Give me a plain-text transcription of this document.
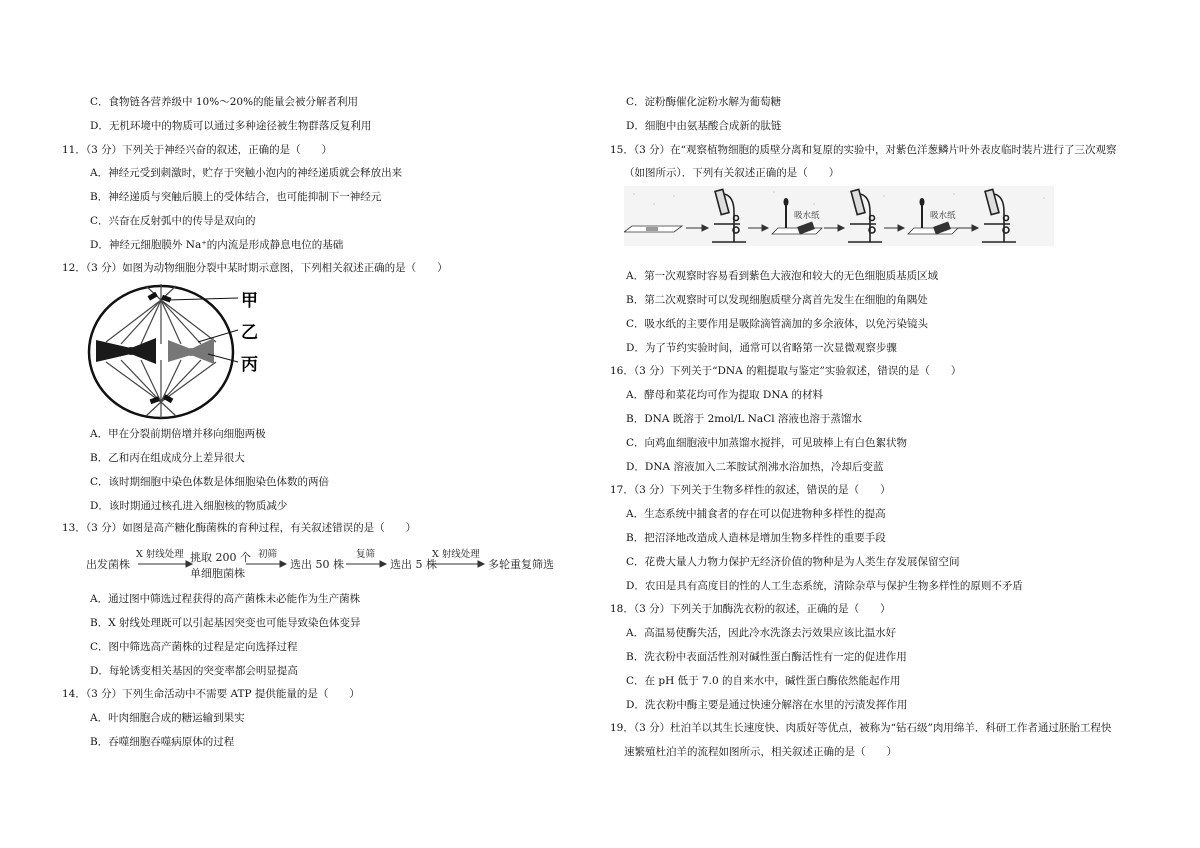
C．食物链各营养级中 10%～20%的能量会被分解者利用
D．无机环境中的物质可以通过多种途径被生物群落反复利用
11．（3 分）下列关于神经兴奋的叙述，正确的是（　　）
A．神经元受到刺激时，贮存于突触小泡内的神经递质就会释放出来
B．神经递质与突触后膜上的受体结合，也可能抑制下一神经元
C．兴奋在反射弧中的传导是双向的
D．神经元细胞膜外 Na⁺的内流是形成静息电位的基础
12．（3 分）如图为动物细胞分裂中某时期示意图，下列相关叙述正确的是（　　）
甲
乙
丙
A．甲在分裂前期倍增并移向细胞两极
B．乙和丙在组成成分上差异很大
C．该时期细胞中染色体数是体细胞染色体数的两倍
D．该时期通过核孔进入细胞核的物质减少
13．（3 分）如图是高产糖化酶菌株的育种过程，有关叙述错误的是（　　）
出发菌株
X 射线处理 挑取 200 个
单细胞菌株
初筛
选出 50 株
复筛
选出 5 株
X 射线处理
多轮重复筛选
A．通过图中筛选过程获得的高产菌株未必能作为生产菌株
B．X 射线处理既可以引起基因突变也可能导致染色体变异
C．图中筛选高产菌株的过程是定向选择过程
D．每轮诱变相关基因的突变率都会明显提高
14．（3 分）下列生命活动中不需要 ATP 提供能量的是（　　）
A．叶肉细胞合成的糖运输到果实
B．吞噬细胞吞噬病原体的过程
C．淀粉酶催化淀粉水解为葡萄糖
D．细胞中由氨基酸合成新的肽链
15．（3 分）在“观察植物细胞的质壁分离和复原的实验中，对紫色洋葱鳞片叶外表皮临时装片进行了三次观察
（如图所示）．下列有关叙述正确的是（　　）
吸水纸	吸水纸
A．第一次观察时容易看到紫色大液泡和较大的无色细胞质基质区域
B．第二次观察时可以发现细胞质壁分离首先发生在细胞的角隅处
C．吸水纸的主要作用是吸除滴管滴加的多余液体，以免污染镜头
D．为了节约实验时间，通常可以省略第一次显微观察步骤
16．（3 分）下列关于“DNA 的粗提取与鉴定”实验叙述，错误的是（　　）
A．酵母和菜花均可作为提取 DNA 的材料
B．DNA 既溶于 2mol/L NaCl 溶液也溶于蒸馏水
C．向鸡血细胞液中加蒸馏水搅拌，可见玻棒上有白色絮状物
D．DNA 溶液加入二苯胺试剂沸水浴加热，冷却后变蓝
17．（3 分）下列关于生物多样性的叙述，错误的是（　　）
A．生态系统中捕食者的存在可以促进物种多样性的提高
B．把沼泽地改造成人造林是增加生物多样性的重要手段
C．花费大量人力物力保护无经济价值的物种是为人类生存发展保留空间
D．农田是具有高度目的性的人工生态系统，清除杂草与保护生物多样性的原则不矛盾
18．（3 分）下列关于加酶洗衣粉的叙述，正确的是（　　）
A．高温易使酶失活，因此冷水洗涤去污效果应该比温水好
B．洗衣粉中表面活性剂对碱性蛋白酶活性有一定的促进作用
C．在 pH 低于 7.0 的自来水中，碱性蛋白酶依然能起作用
D．洗衣粉中酶主要是通过快速分解溶在水里的污渍发挥作用
19．（3 分）杜泊羊以其生长速度快、肉质好等优点，被称为“钻石级”肉用绵羊．科研工作者通过胚胎工程快
速繁殖杜泊羊的流程如图所示，相关叙述正确的是（　　）
